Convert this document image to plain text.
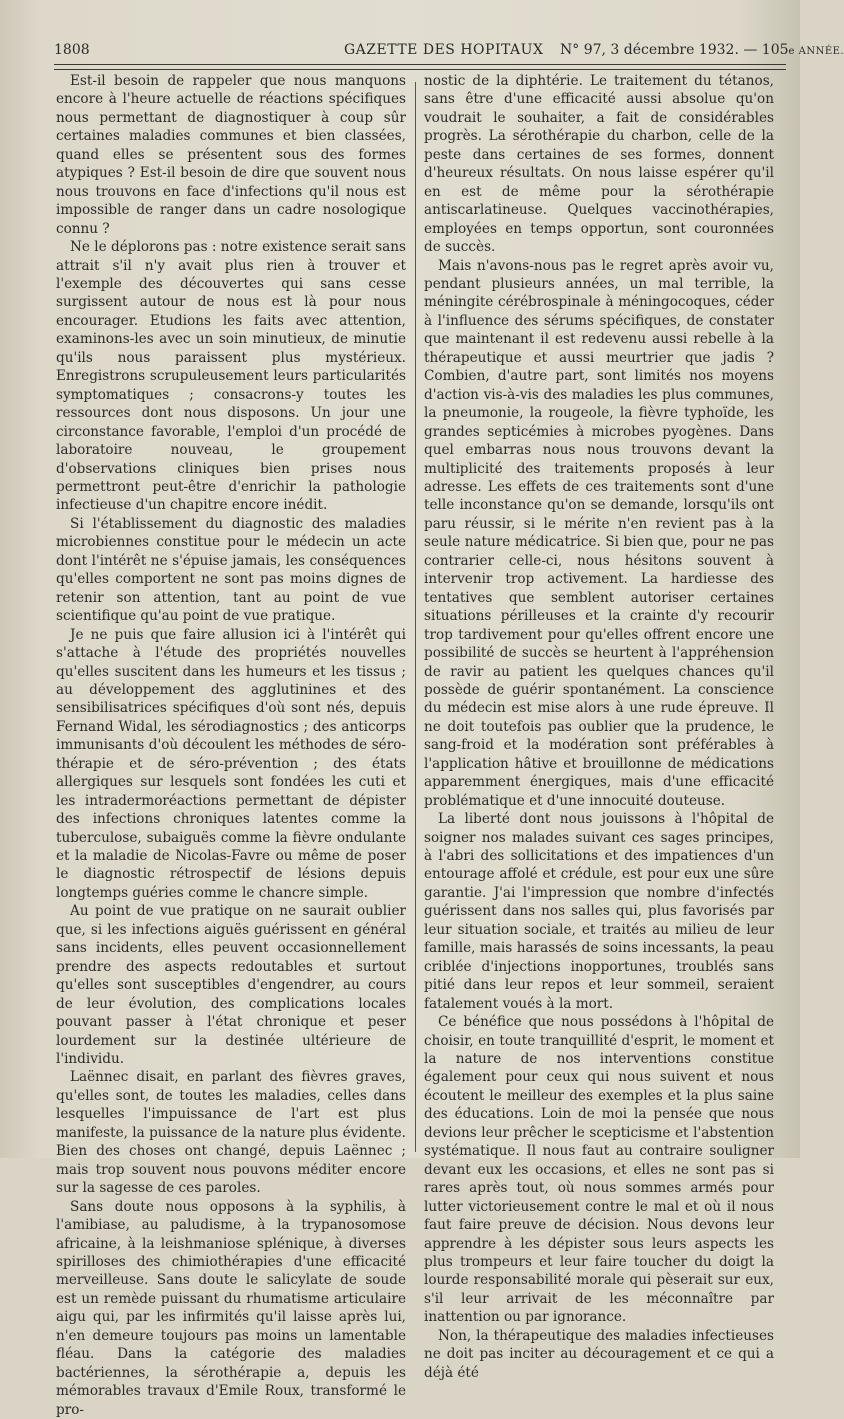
1808	GAZETTE DES HOPITAUX N° 97, 3 décembre 1932. — 105e ANNÉE.

Est-il besoin de rappeler que nous manquons encore à l'heure actuelle de réactions spécifiques nous permettant de diagnostiquer à coup sûr certaines maladies communes et bien classées, quand elles se présentent sous des formes atypiques ? Est-il besoin de dire que souvent nous nous trouvons en face d'infections qu'il nous est impossible de ranger dans un cadre nosologique connu ?

Ne le déplorons pas : notre existence serait sans attrait s'il n'y avait plus rien à trouver et l'exemple des découvertes qui sans cesse surgissent autour de nous est là pour nous encourager. Etudions les faits avec attention, examinons-les avec un soin minutieux, de minutie qu'ils nous paraissent plus mystérieux. Enregistrons scrupuleusement leurs particularités symptomatiques ; consacrons-y toutes les ressources dont nous disposons. Un jour une circonstance favorable, l'emploi d'un procédé de laboratoire nouveau, le groupement d'observations cliniques bien prises nous permettront peut-être d'enrichir la pathologie infectieuse d'un chapitre encore inédit.

Si l'établissement du diagnostic des maladies microbiennes constitue pour le médecin un acte dont l'intérêt ne s'épuise jamais, les conséquences qu'elles comportent ne sont pas moins dignes de retenir son attention, tant au point de vue scientifique qu'au point de vue pratique.

Je ne puis que faire allusion ici à l'intérêt qui s'attache à l'étude des propriétés nouvelles qu'elles suscitent dans les humeurs et les tissus ; au développement des agglutinines et des sensibilisatrices spécifiques d'où sont nés, depuis Fernand Widal, les sérodiagnostics ; des anticorps immunisants d'où découlent les méthodes de séro-thérapie et de séro-prévention ; des états allergiques sur lesquels sont fondées les cuti et les intradermoréactions permettant de dépister des infections chroniques latentes comme la tuberculose, subaiguës comme la fièvre ondulante et la maladie de Nicolas-Favre ou même de poser le diagnostic rétrospectif de lésions depuis longtemps guéries comme le chancre simple.

Au point de vue pratique on ne saurait oublier que, si les infections aiguës guérissent en général sans incidents, elles peuvent occasionnellement prendre des aspects redoutables et surtout qu'elles sont susceptibles d'engendrer, au cours de leur évolution, des complications locales pouvant passer à l'état chronique et peser lourdement sur la destinée ultérieure de l'individu.

Laënnec disait, en parlant des fièvres graves, qu'elles sont, de toutes les maladies, celles dans lesquelles l'impuissance de l'art est plus manifeste, la puissance de la nature plus évidente. Bien des choses ont changé, depuis Laënnec ; mais trop souvent nous pouvons méditer encore sur la sagesse de ces paroles.

Sans doute nous opposons à la syphilis, à l'amibiase, au paludisme, à la trypanosomose africaine, à la leishmaniose splénique, à diverses spirilloses des chimiothérapies d'une efficacité merveilleuse. Sans doute le salicylate de soude est un remède puissant du rhumatisme articulaire aigu qui, par les infirmités qu'il laisse après lui, n'en demeure toujours pas moins un lamentable fléau. Dans la catégorie des maladies bactériennes, la sérothérapie a, depuis les mémorables travaux d'Emile Roux, transformé le pro-

nostic de la diphtérie. Le traitement du tétanos, sans être d'une efficacité aussi absolue qu'on voudrait le souhaiter, a fait de considérables progrès. La sérothérapie du charbon, celle de la peste dans certaines de ses formes, donnent d'heureux résultats. On nous laisse espérer qu'il en est de même pour la sérothérapie antiscarlatineuse. Quelques vaccinothérapies, employées en temps opportun, sont couronnées de succès.

Mais n'avons-nous pas le regret après avoir vu, pendant plusieurs années, un mal terrible, la méningite cérébrospinale à méningocoques, céder à l'influence des sérums spécifiques, de constater que maintenant il est redevenu aussi rebelle à la thérapeutique et aussi meurtrier que jadis ? Combien, d'autre part, sont limités nos moyens d'action vis-à-vis des maladies les plus communes, la pneumonie, la rougeole, la fièvre typhoïde, les grandes septicémies à microbes pyogènes. Dans quel embarras nous nous trouvons devant la multiplicité des traitements proposés à leur adresse. Les effets de ces traitements sont d'une telle inconstance qu'on se demande, lorsqu'ils ont paru réussir, si le mérite n'en revient pas à la seule nature médicatrice. Si bien que, pour ne pas contrarier celle-ci, nous hésitons souvent à intervenir trop activement. La hardiesse des tentatives que semblent autoriser certaines situations périlleuses et la crainte d'y recourir trop tardivement pour qu'elles offrent encore une possibilité de succès se heurtent à l'appréhension de ravir au patient les quelques chances qu'il possède de guérir spontanément. La conscience du médecin est mise alors à une rude épreuve. Il ne doit toutefois pas oublier que la prudence, le sang-froid et la modération sont préférables à l'application hâtive et brouillonne de médications apparemment énergiques, mais d'une efficacité problématique et d'une innocuité douteuse.

La liberté dont nous jouissons à l'hôpital de soigner nos malades suivant ces sages principes, à l'abri des sollicitations et des impatiences d'un entourage affolé et crédule, est pour eux une sûre garantie. J'ai l'impression que nombre d'infectés guérissent dans nos salles qui, plus favorisés par leur situation sociale, et traités au milieu de leur famille, mais harassés de soins incessants, la peau criblée d'injections inopportunes, troublés sans pitié dans leur repos et leur sommeil, seraient fatalement voués à la mort.

Ce bénéfice que nous possédons à l'hôpital de choisir, en toute tranquillité d'esprit, le moment et la nature de nos interventions constitue également pour ceux qui nous suivent et nous écoutent le meilleur des exemples et la plus saine des éducations. Loin de moi la pensée que nous devions leur prêcher le scepticisme et l'abstention systématique. Il nous faut au contraire souligner devant eux les occasions, et elles ne sont pas si rares après tout, où nous sommes armés pour lutter victorieusement contre le mal et où il nous faut faire preuve de décision. Nous devons leur apprendre à les dépister sous leurs aspects les plus trompeurs et leur faire toucher du doigt la lourde responsabilité morale qui pèserait sur eux, s'il leur arrivait de les méconnaître par inattention ou par ignorance.

Non, la thérapeutique des maladies infectieuses ne doit pas inciter au découragement et ce qui a déjà été
